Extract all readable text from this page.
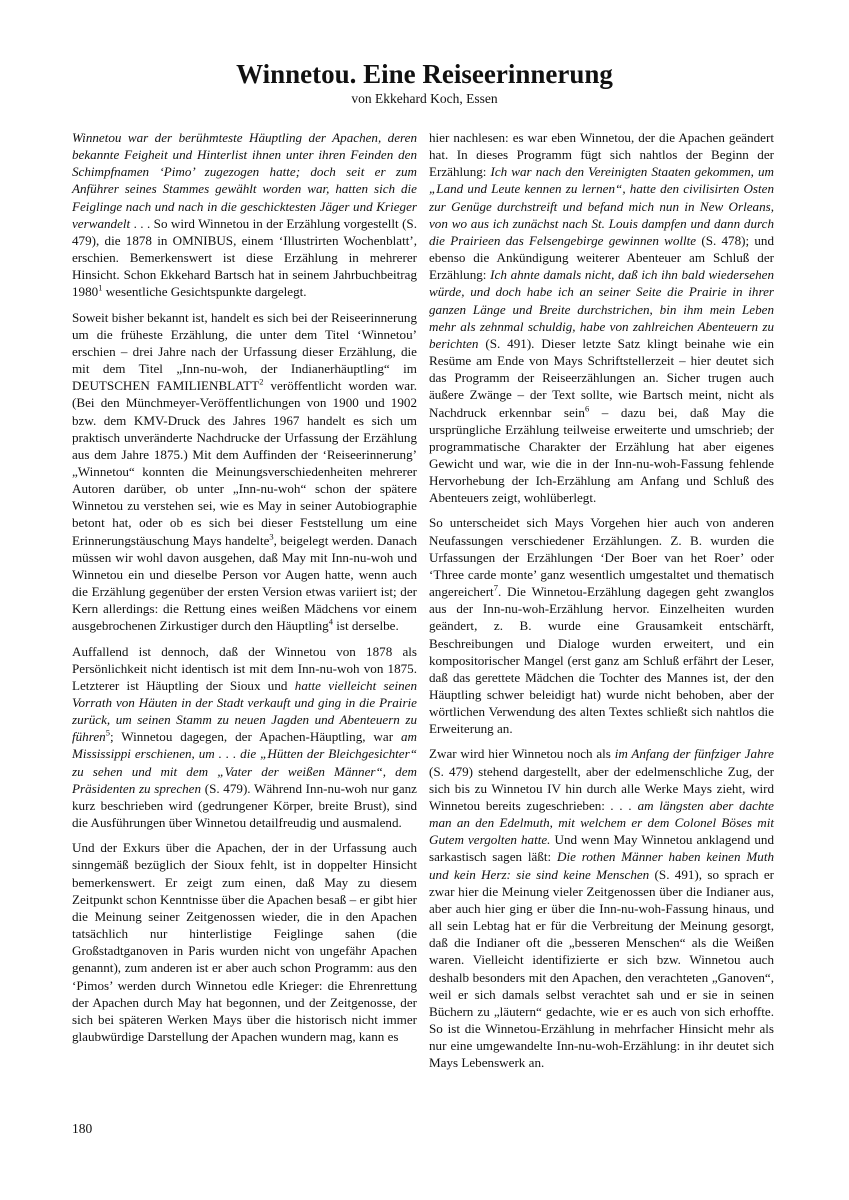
Winnetou. Eine Reiseerinnerung
von Ekkehard Koch, Essen

Winnetou war der berühmteste Häuptling der Apachen, deren bekannte Feigheit und Hinterlist ihnen unter ihren Feinden den Schimpfnamen ‘Pimo’ zugezogen hatte; doch seit er zum Anführer seines Stammes gewählt worden war, hatten sich die Feiglinge nach und nach in die geschicktesten Jäger und Krieger verwandelt . . . So wird Winnetou in der Erzählung vorgestellt (S. 479), die 1878 in OMNIBUS, einem ‘Illustrirten Wochenblatt’, erschien. Bemerkenswert ist diese Erzählung in mehrerer Hinsicht. Schon Ekkehard Bartsch hat in seinem Jahrbuchbeitrag 1980$^1$ wesentliche Gesichtspunkte dargelegt.

Soweit bisher bekannt ist, handelt es sich bei der Reiseerinnerung um die früheste Erzählung, die unter dem Titel ‘Winnetou’ erschien – drei Jahre nach der Urfassung dieser Erzählung, die mit dem Titel „Inn-nu-woh, der Indianerhäuptling“ im DEUTSCHEN FAMILIENBLATT$^2$ veröffentlicht worden war. (Bei den Münchmeyer-Veröffentlichungen von 1900 und 1902 bzw. dem KMV-Druck des Jahres 1967 handelt es sich um praktisch unveränderte Nachdrucke der Urfassung der Erzählung aus dem Jahre 1875.) Mit dem Auffinden der ‘Reiseerinnerung’ „Winnetou“ konnten die Meinungsverschiedenheiten mehrerer Autoren darüber, ob unter „Inn-nu-woh“ schon der spätere Winnetou zu verstehen sei, wie es May in seiner Autobiographie betont hat, oder ob es sich bei dieser Feststellung um eine Erinnerungstäuschung Mays handelte$^3$, beigelegt werden. Danach müssen wir wohl davon ausgehen, daß May mit Inn-nu-woh und Winnetou ein und dieselbe Person vor Augen hatte, wenn auch die Erzählung gegenüber der ersten Version etwas variiert ist; der Kern allerdings: die Rettung eines weißen Mädchens vor einem ausgebrochenen Zirkustiger durch den Häuptling$^4$ ist derselbe.

Auffallend ist dennoch, daß der Winnetou von 1878 als Persönlichkeit nicht identisch ist mit dem Inn-nu-woh von 1875. Letzterer ist Häuptling der Sioux und hatte vielleicht seinen Vorrath von Häuten in der Stadt verkauft und ging in die Prairie zurück, um seinen Stamm zu neuen Jagden und Abenteuern zu führen$^5$; Winnetou dagegen, der Apachen-Häuptling, war am Mississippi erschienen, um . . . die „Hütten der Bleichgesichter“ zu sehen und mit dem „Vater der weißen Männer“, dem Präsidenten zu sprechen (S. 479). Während Inn-nu-woh nur ganz kurz beschrieben wird (gedrungener Körper, breite Brust), sind die Ausführungen über Winnetou detailfreudig und ausmalend.

Und der Exkurs über die Apachen, der in der Urfassung auch sinngemäß bezüglich der Sioux fehlt, ist in doppelter Hinsicht bemerkenswert. Er zeigt zum einen, daß May zu diesem Zeitpunkt schon Kenntnisse über die Apachen besaß – er gibt hier die Meinung seiner Zeitgenossen wieder, die in den Apachen tatsächlich nur hinterlistige Feiglinge sahen (die Großstadtganoven in Paris wurden nicht von ungefähr Apachen genannt), zum anderen ist er aber auch schon Programm: aus den ‘Pimos’ werden durch Winnetou edle Krieger: die Ehrenrettung der Apachen durch May hat begonnen, und der Zeitgenosse, der sich bei späteren Werken Mays über die historisch nicht immer glaubwürdige Darstellung der Apachen wundern mag, kann es

hier nachlesen: es war eben Winnetou, der die Apachen geändert hat. In dieses Programm fügt sich nahtlos der Beginn der Erzählung: Ich war nach den Vereinigten Staaten gekommen, um „Land und Leute kennen zu lernen“, hatte den civilisirten Osten zur Genüge durchstreift und befand mich nun in New Orleans, von wo aus ich zunächst nach St. Louis dampfen und dann durch die Prairieen das Felsengebirge gewinnen wollte (S. 478); und ebenso die Ankündigung weiterer Abenteuer am Schluß der Erzählung: Ich ahnte damals nicht, daß ich ihn bald wiedersehen würde, und doch habe ich an seiner Seite die Prairie in ihrer ganzen Länge und Breite durchstrichen, bin ihm mein Leben mehr als zehnmal schuldig, habe von zahlreichen Abenteuern zu berichten (S. 491). Dieser letzte Satz klingt beinahe wie ein Resüme am Ende von Mays Schriftstellerzeit – hier deutet sich das Programm der Reiseerzählungen an. Sicher trugen auch äußere Zwänge – der Text sollte, wie Bartsch meint, nicht als Nachdruck erkennbar sein$^6$ – dazu bei, daß May die ursprüngliche Erzählung teilweise erweiterte und umschrieb; der programmatische Charakter der Erzählung hat aber eigenes Gewicht und war, wie die in der Inn-nu-woh-Fassung fehlende Hervorhebung der Ich-Erzählung am Anfang und Schluß des Abenteuers zeigt, wohlüberlegt.

So unterscheidet sich Mays Vorgehen hier auch von anderen Neufassungen verschiedener Erzählungen. Z. B. wurden die Urfassungen der Erzählungen ‘Der Boer van het Roer’ oder ‘Three carde monte’ ganz wesentlich umgestaltet und thematisch angereichert$^7$. Die Winnetou-Erzählung dagegen geht zwanglos aus der Inn-nu-woh-Erzählung hervor. Einzelheiten wurden geändert, z. B. wurde eine Grausamkeit entschärft, Beschreibungen und Dialoge wurden erweitert, und ein kompositorischer Mangel (erst ganz am Schluß erfährt der Leser, daß das gerettete Mädchen die Tochter des Mannes ist, der den Häuptling schwer beleidigt hat) wurde nicht behoben, aber der wörtlichen Verwendung des alten Textes schließt sich nahtlos die Erweiterung an.

Zwar wird hier Winnetou noch als im Anfang der fünfziger Jahre (S. 479) stehend dargestellt, aber der edelmenschliche Zug, der sich bis zu Winnetou IV hin durch alle Werke Mays zieht, wird Winnetou bereits zugeschrieben: . . . am längsten aber dachte man an den Edelmuth, mit welchem er dem Colonel Böses mit Gutem vergolten hatte. Und wenn May Winnetou anklagend und sarkastisch sagen läßt: Die rothen Männer haben keinen Muth und kein Herz: sie sind keine Menschen (S. 491), so sprach er zwar hier die Meinung vieler Zeitgenossen über die Indianer aus, aber auch hier ging er über die Inn-nu-woh-Fassung hinaus, und all sein Lebtag hat er für die Verbreitung der Meinung gesorgt, daß die Indianer oft die „besseren Menschen“ als die Weißen waren. Vielleicht identifizierte er sich bzw. Winnetou auch deshalb besonders mit den Apachen, den verachteten „Ganoven“, weil er sich damals selbst verachtet sah und er sie in seinen Büchern zu „läutern“ gedachte, wie er es auch von sich erhoffte. So ist die Winnetou-Erzählung in mehrfacher Hinsicht mehr als nur eine umgewandelte Inn-nu-woh-Erzählung: in ihr deutet sich Mays Lebenswerk an.

180
